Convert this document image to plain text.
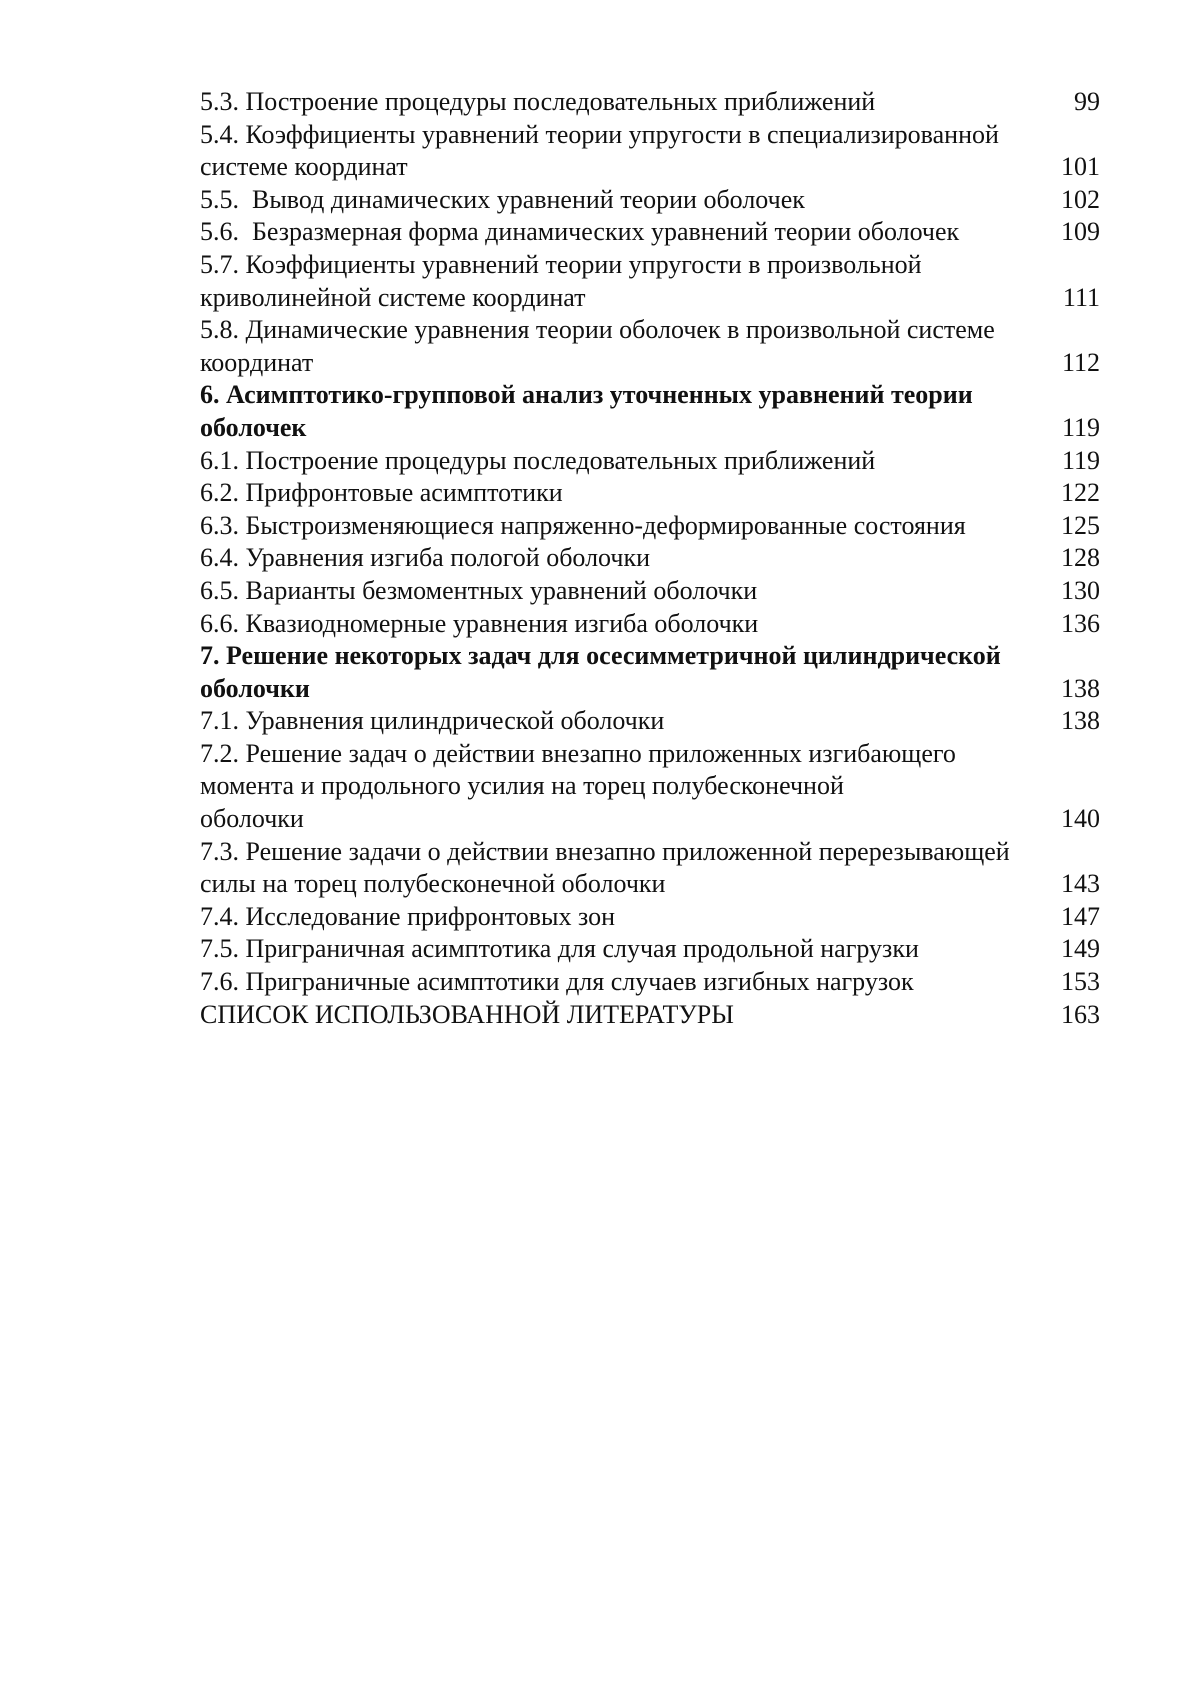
5.3. Построение процедуры последовательных приближений	99
5.4. Коэффициенты уравнений теории упругости в специализированной
системе координат	101
5.5.  Вывод динамических уравнений теории оболочек	102
5.6.  Безразмерная форма динамических уравнений теории оболочек	109
5.7. Коэффициенты уравнений теории упругости в произвольной
криволинейной системе координат	111
5.8. Динамические уравнения теории оболочек в произвольной системе
координат	112
6. Асимптотико-групповой анализ уточненных уравнений теории
оболочек	119
6.1. Построение процедуры последовательных приближений	119
6.2. Прифронтовые асимптотики	122
6.3. Быстроизменяющиеся напряженно-деформированные состояния	125
6.4. Уравнения изгиба пологой оболочки	128
6.5. Варианты безмоментных уравнений оболочки	130
6.6. Квазиодномерные уравнения изгиба оболочки	136
7. Решение некоторых задач для осесимметричной цилиндрической
оболочки	138
7.1. Уравнения цилиндрической оболочки	138
7.2. Решение задач о действии внезапно приложенных изгибающего
момента и продольного усилия на торец полубесконечной
оболочки	140
7.3. Решение задачи о действии внезапно приложенной перерезывающей
силы на торец полубесконечной оболочки	143
7.4. Исследование прифронтовых зон	147
7.5. Приграничная асимптотика для случая продольной нагрузки	149
7.6. Приграничные асимптотики для случаев изгибных нагрузок	153
СПИСОК ИСПОЛЬЗОВАННОЙ ЛИТЕРАТУРЫ	163
